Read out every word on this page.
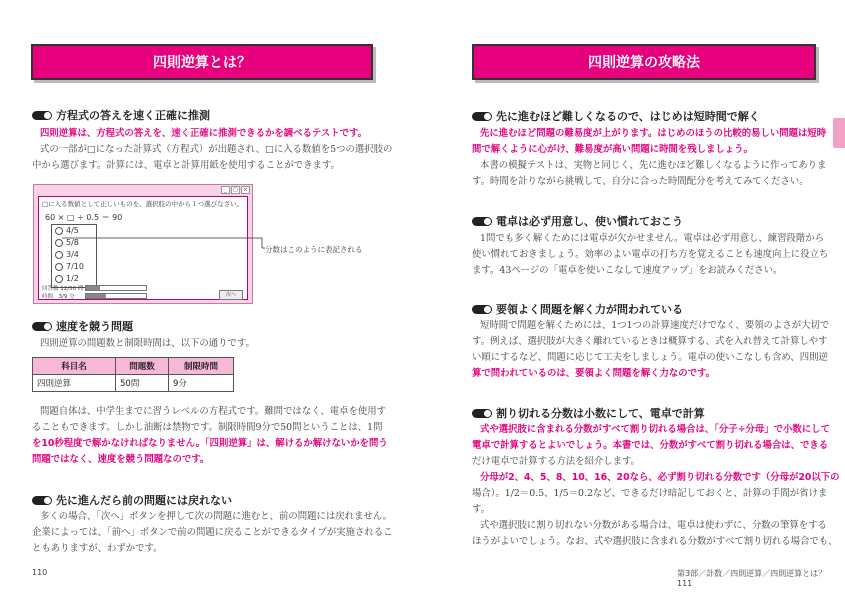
四則逆算とは？
方程式の答えを速く正確に推測
四則逆算は、方程式の答えを、速く正確に推測できるかを調べるテストです。
式の一部が□になった計算式（方程式）が出題され、□に入る数値を5つの選択肢の
中から選びます。計算には、電卓と計算用紙を使用することができます。
_	□	×
□に入る数値として正しいものを、選択肢の中から１つ選びなさい。
60 × □ ÷ 0.5 ＝ 90
4/5
5/8
3/4
7/10
1/2
回答数 12/50 問
時間　3/9 分	次へ
分数はこのように表記される
速度を競う問題
四則逆算の問題数と制限時間は、以下の通りです。
科目名	問題数	制限時間
四則逆算	50問	9分
問題自体は、中学生までに習うレベルの方程式です。難問ではなく、電卓を使用す
ることもできます。しかし油断は禁物です。制限時間9分で50問ということは、1問
を10秒程度で解かなければなりません。「四則逆算」は、解けるか解けないかを問う
問題ではなく、速度を競う問題なのです。
先に進んだら前の問題には戻れない
多くの場合、「次へ」ボタンを押して次の問題に進むと、前の問題には戻れません。
企業によっては、「前へ」ボタンで前の問題に戻ることができるタイプが実施されるこ
ともありますが、わずかです。
110
四則逆算の攻略法
先に進むほど難しくなるので、はじめは短時間で解く
先に進むほど問題の難易度が上がります。はじめのほうの比較的易しい問題は短時
間で解くように心がけ、難易度が高い問題に時間を残しましょう。
本書の模擬テストは、実物と同じく、先に進むほど難しくなるように作ってありま
す。時間を計りながら挑戦して、自分に合った時間配分を考えてみてください。
電卓は必ず用意し、使い慣れておこう
1問でも多く解くためには電卓が欠かせません。電卓は必ず用意し、練習段階から
使い慣れておきましょう。効率のよい電卓の打ち方を覚えることも速度向上に役立ち
ます。43ページの「電卓を使いこなして速度アップ」をお読みください。
要領よく問題を解く力が問われている
短時間で問題を解くためには、1つ1つの計算速度だけでなく、要領のよさが大切で
す。例えば、選択肢が大きく離れているときは概算する、式を入れ替えて計算しやす
い順にするなど、問題に応じて工夫をしましょう。電卓の使いこなしも含め、四則逆
算で問われているのは、要領よく問題を解く力なのです。
割り切れる分数は小数にして、電卓で計算
式や選択肢に含まれる分数がすべて割り切れる場合は、「分子÷分母」で小数にして
電卓で計算するとよいでしょう。本書では、分数がすべて割り切れる場合は、できる
だけ電卓で計算する方法を紹介します。
分母が2、4、5、8、10、16、20なら、必ず割り切れる分数です（分母が20以下の
場合）。1/2＝0.5、1/5＝0.2など、できるだけ暗記しておくと、計算の手間が省けます。
式や選択肢に割り切れない分数がある場合は、電卓は使わずに、分数の筆算をする
ほうがよいでしょう。なお、式や選択肢に含まれる分数がすべて割り切れる場合でも、
第3部／計数／四則逆算／四則逆算とは？　111
